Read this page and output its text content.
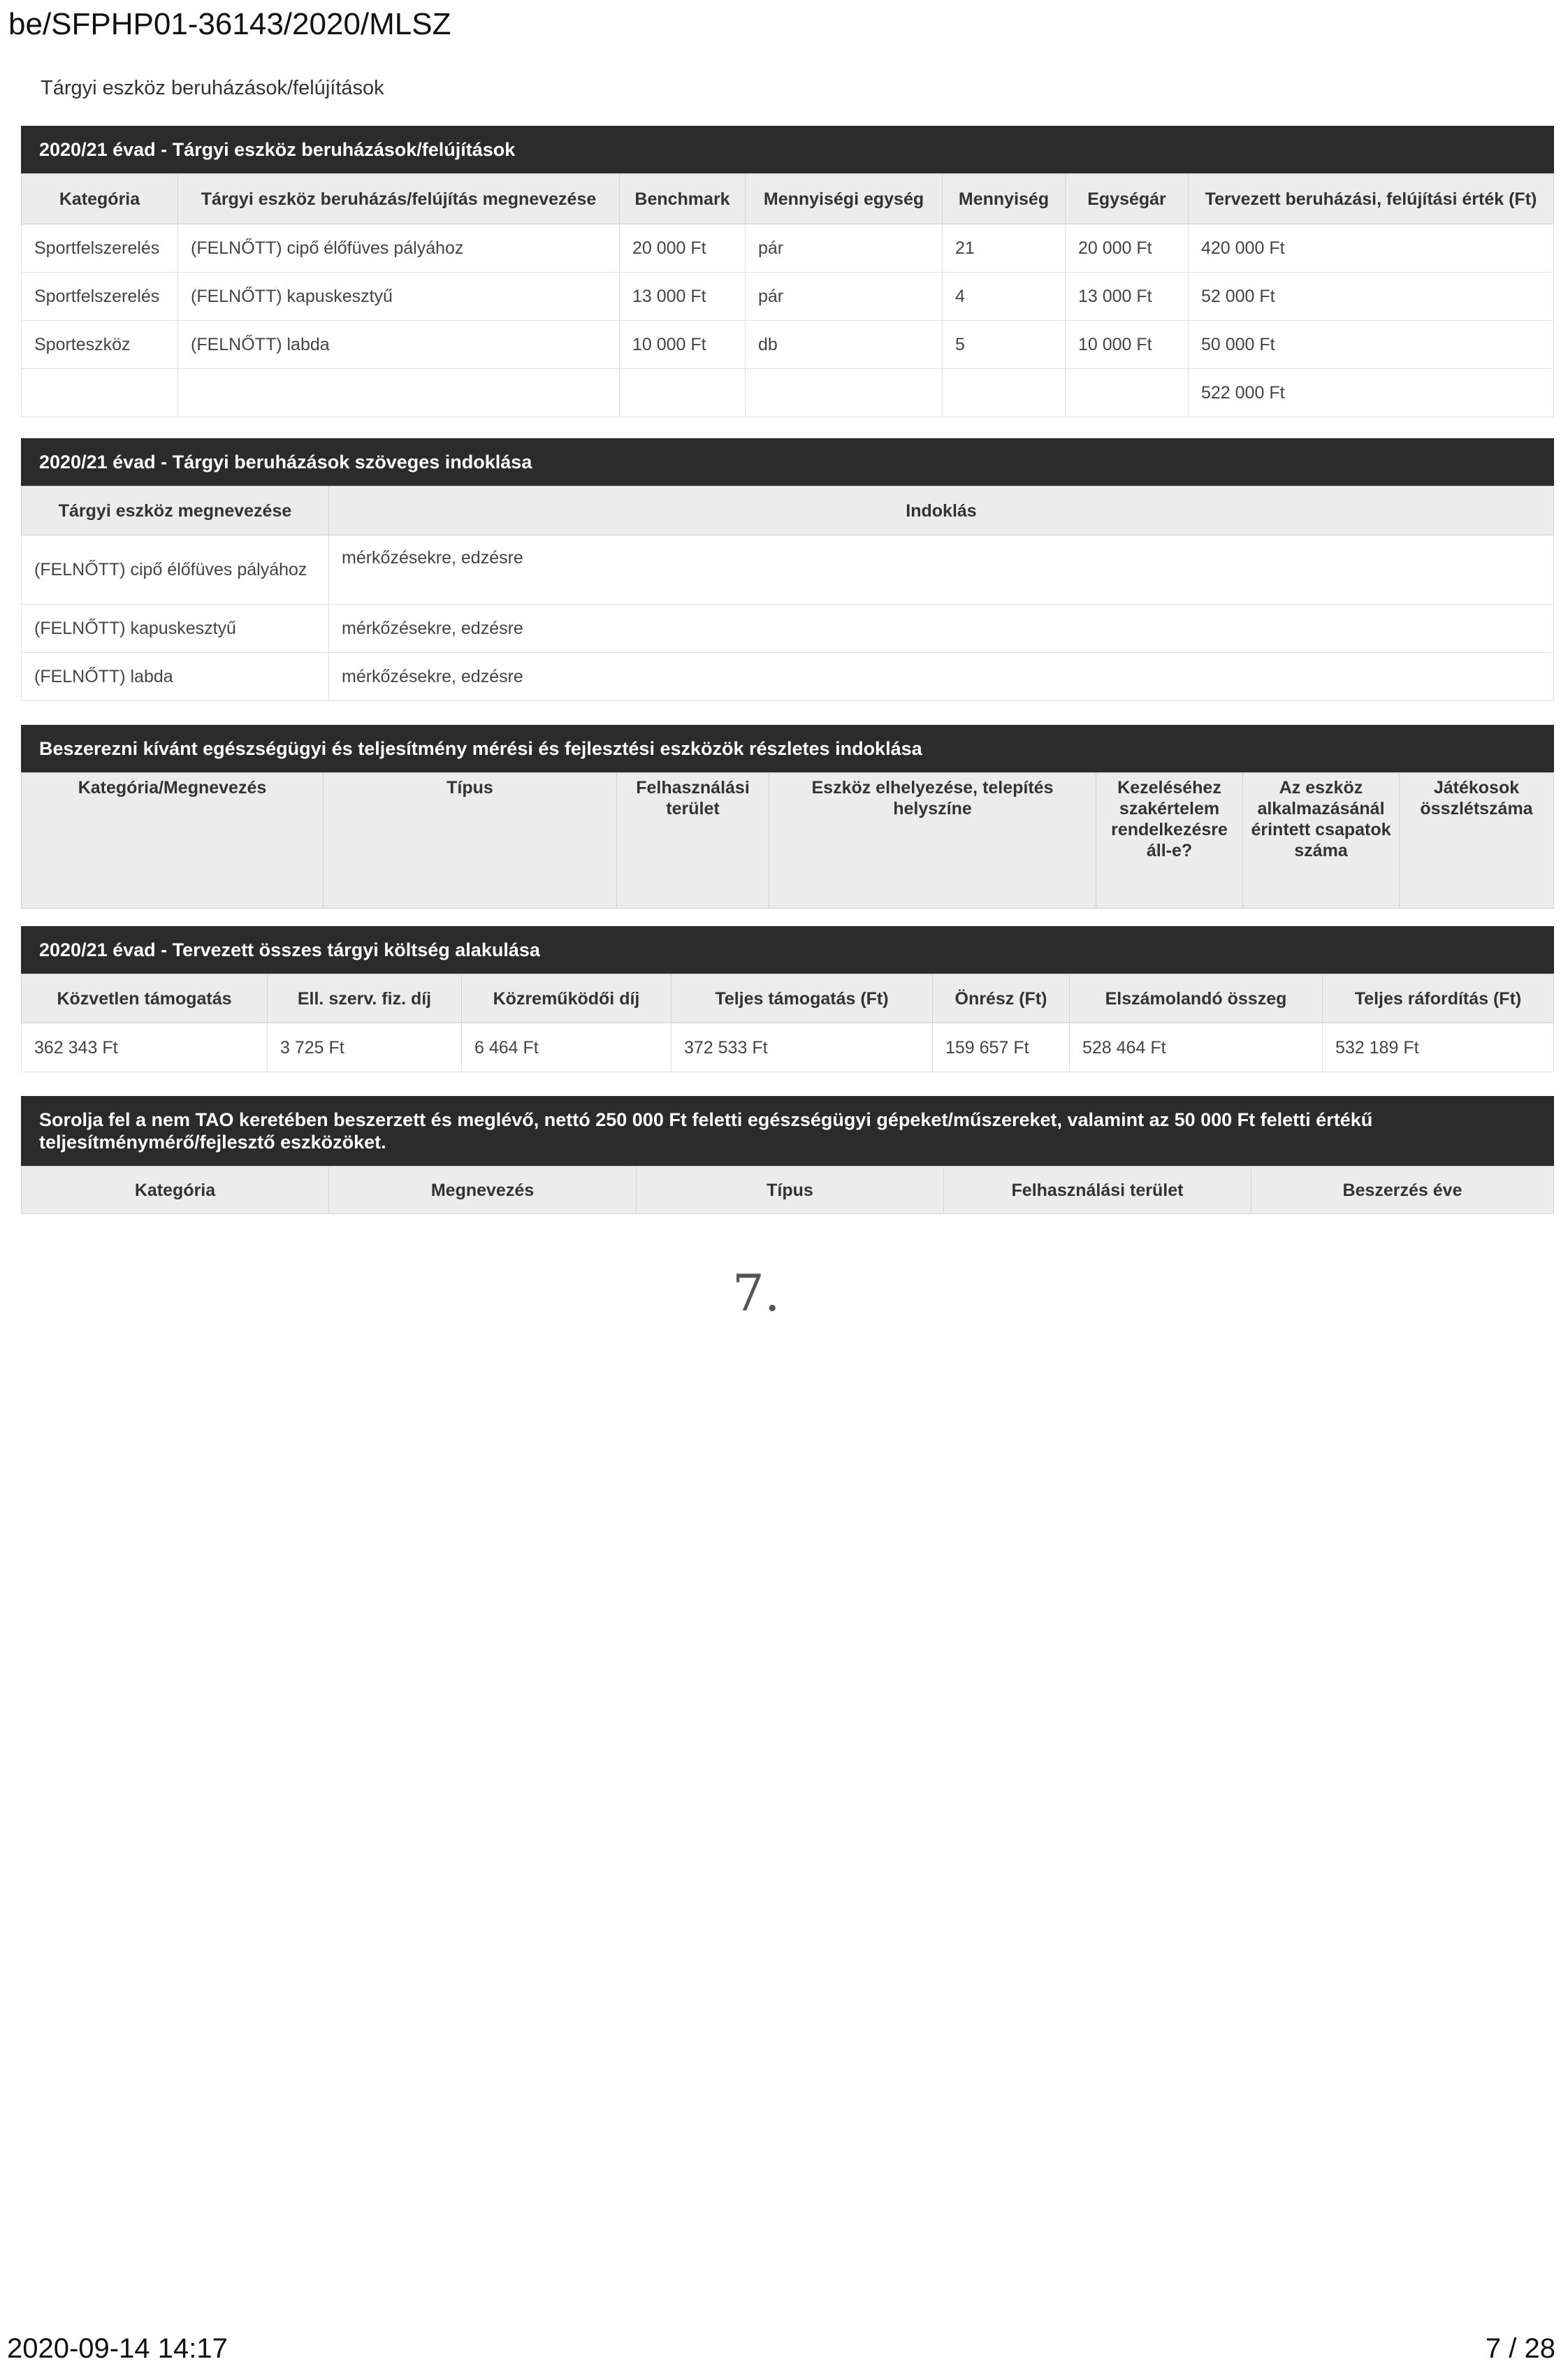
be/SFPHP01-36143/2020/MLSZ
Tárgyi eszköz beruházások/felújítások
2020/21 évad - Tárgyi eszköz beruházások/felújítások
Kategória	Tárgyi eszköz beruházás/felújítás megnevezése	Benchmark	Mennyiségi egység	Mennyiség	Egységár	Tervezett beruházási, felújítási érték (Ft)
Sportfelszerelés	(FELNŐTT) cipő élőfüves pályához	20 000 Ft	pár	21	20 000 Ft	420 000 Ft
Sportfelszerelés	(FELNŐTT) kapuskesztyű	13 000 Ft	pár	4	13 000 Ft	52 000 Ft
Sporteszköz	(FELNŐTT) labda	10 000 Ft	db	5	10 000 Ft	50 000 Ft
						522 000 Ft
2020/21 évad - Tárgyi beruházások szöveges indoklása
Tárgyi eszköz megnevezése	Indoklás
(FELNŐTT) cipő élőfüves pályához	mérkőzésekre, edzésre
(FELNŐTT) kapuskesztyű	mérkőzésekre, edzésre
(FELNŐTT) labda	mérkőzésekre, edzésre
Beszerezni kívánt egészségügyi és teljesítmény mérési és fejlesztési eszközök részletes indoklása
Kategória/Megnevezés	Típus	Felhasználási terület	Eszköz elhelyezése, telepítés helyszíne	Kezeléséhez szakértelem rendelkezésre áll-e?	Az eszköz alkalmazásánál érintett csapatok száma	Játékosok összlétszáma
2020/21 évad - Tervezett összes tárgyi költség alakulása
Közvetlen támogatás	Ell. szerv. fiz. díj	Közreműködői díj	Teljes támogatás (Ft)	Önrész (Ft)	Elszámolandó összeg	Teljes ráfordítás (Ft)
362 343 Ft	3 725 Ft	6 464 Ft	372 533 Ft	159 657 Ft	528 464 Ft	532 189 Ft
Sorolja fel a nem TAO keretében beszerzett és meglévő, nettó 250 000 Ft feletti egészségügyi gépeket/műszereket, valamint az 50 000 Ft feletti értékű teljesítménymérő/fejlesztő eszközöket.
Kategória	Megnevezés	Típus	Felhasználási terület	Beszerzés éve
7.
2020-09-14 14:17	7 / 28
